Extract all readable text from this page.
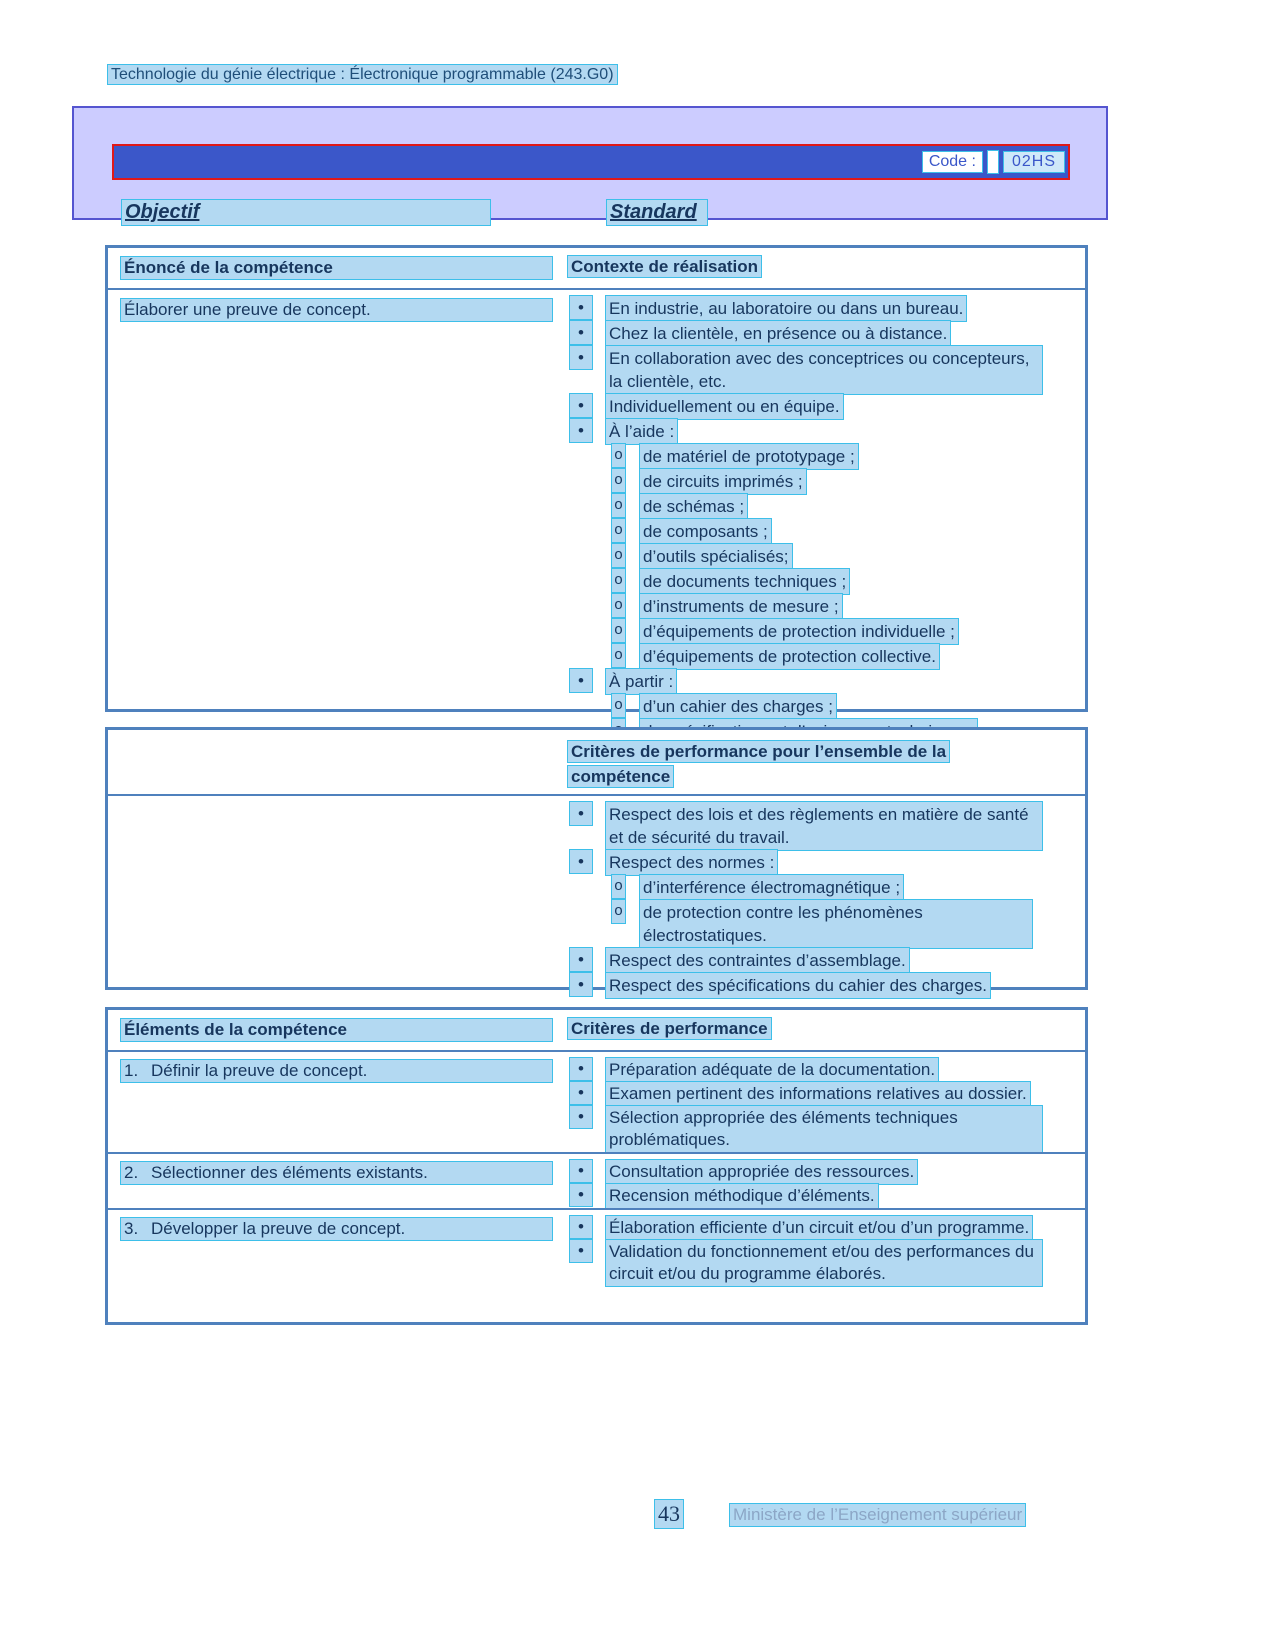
Technologie du génie électrique : Électronique programmable (243.G0)
Code :	02HS
Objectif	Standard
Énoncé de la compétence	Contexte de réalisation
Élaborer une preuve de concept.	•	En industrie, au laboratoire ou dans un bureau.
•	Chez la clientèle, en présence ou à distance.
•	En collaboration avec des conceptrices ou concepteurs, la clientèle, etc.
•	Individuellement ou en équipe.
•	À l’aide :
o de matériel de prototypage ;
o de circuits imprimés ;
o de schémas ;
o de composants ;
o d’outils spécialisés;
o de documents techniques ;
o d’instruments de mesure ;
o d’équipements de protection individuelle ;
o d’équipements de protection collective.
•	À partir :
o d’un cahier des charges ;
Critères de performance pour l’ensemble de la compétence
•	Respect des lois et des règlements en matière de santé et de sécurité du travail.
•	Respect des normes :
o d’interférence électromagnétique ;
o de protection contre les phénomènes électrostatiques.
•	Respect des contraintes d’assemblage.
•	Respect des spécifications du cahier des charges.
Éléments de la compétence	Critères de performance
1. Définir la preuve de concept.	•	Préparation adéquate de la documentation.
•	Examen pertinent des informations relatives au dossier.
•	Sélection appropriée des éléments techniques problématiques.
2. Sélectionner des éléments existants.	•	Consultation appropriée des ressources.
•	Recension méthodique d’éléments.
3. Développer la preuve de concept.	•	Élaboration efficiente d’un circuit et/ou d’un programme.
•	Validation du fonctionnement et/ou des performances du circuit et/ou du programme élaborés.
43	Ministère de l’Enseignement supérieur
